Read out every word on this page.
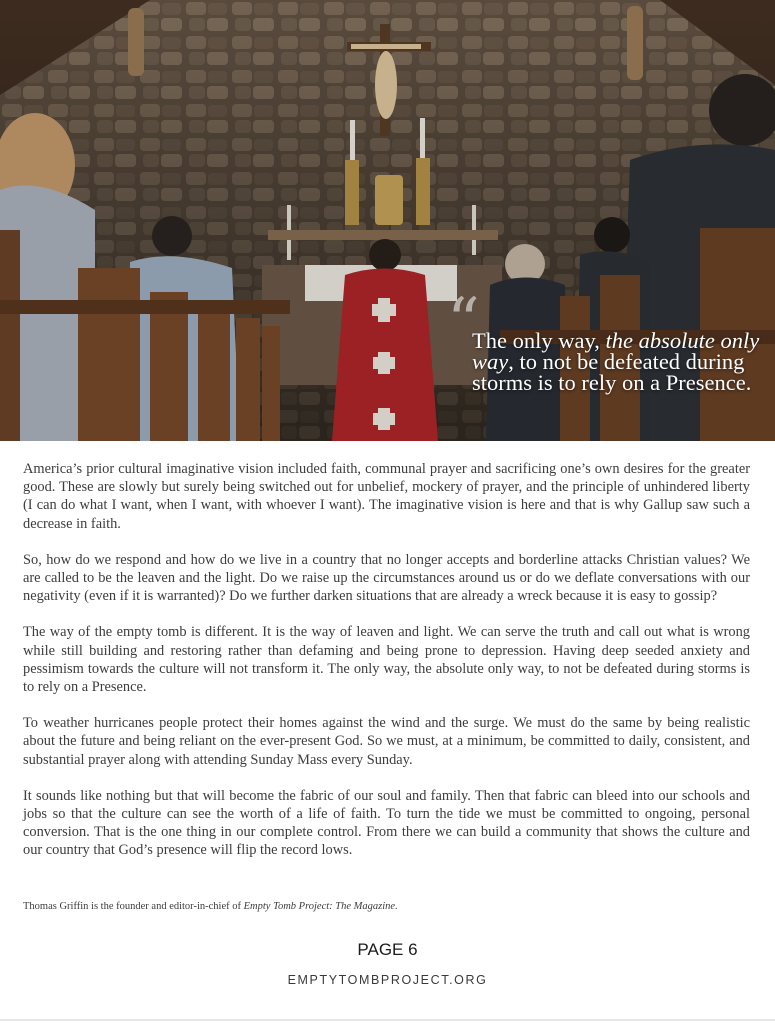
“
The only way, the absolute only way, to not be defeated during storms is to rely on a Presence.

America’s prior cultural imaginative vision included faith, communal prayer and sacrificing one’s own desires for the greater good. These are slowly but surely being switched out for unbelief, mockery of prayer, and the principle of unhindered liberty (I can do what I want, when I want, with whoever I want). The imaginative vision is here and that is why Gallup saw such a decrease in faith.

So, how do we respond and how do we live in a country that no longer accepts and borderline attacks Christian values? We are called to be the leaven and the light. Do we raise up the circumstances around us or do we deflate conversations with our negativity (even if it is warranted)? Do we further darken situations that are already a wreck because it is easy to gossip?

The way of the empty tomb is different. It is the way of leaven and light. We can serve the truth and call out what is wrong while still building and restoring rather than defaming and being prone to depression. Having deep seeded anxiety and pessimism towards the culture will not transform it. The only way, the absolute only way, to not be defeated during storms is to rely on a Presence.

To weather hurricanes people protect their homes against the wind and the surge. We must do the same by being realistic about the future and being reliant on the ever-present God. So we must, at a minimum, be committed to daily, consistent, and substantial prayer along with attending Sunday Mass every Sunday.

It sounds like nothing but that will become the fabric of our soul and family. Then that fabric can bleed into our schools and jobs so that the culture can see the worth of a life of faith. To turn the tide we must be committed to ongoing, personal conversion. That is the one thing in our complete control. From there we can build a community that shows the culture and our country that God’s presence will flip the record lows.

Thomas Griffin is the founder and editor-in-chief of Empty Tomb Project: The Magazine.
PAGE 6
EMPTYTOMBPROJECT.ORG
